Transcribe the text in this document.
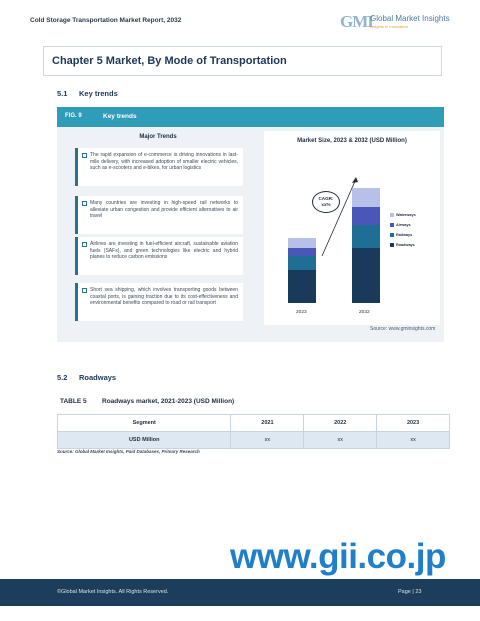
Cold Storage Transportation Market Report, 2032	GMI
Global Market Insights
Insights to Innovation
Chapter 5 Market, By Mode of Transportation
5.1 Key trends
FIG. 9	Key trends
Major Trends
The rapid expansion of e-commerce is driving innovations in last-mile delivery, with increased adoption of smaller electric vehicles, such as e-scooters and e-bikes, for urban logistics
Many countries are investing in high-speed rail networks to alleviate urban congestion and provide efficient alternatives to air travel
Airlines are investing in fuel-efficient aircraft, sustainable aviation fuels (SAFs), and green technologies like electric and hybrid planes to reduce carbon emissions
Short sea shipping, which involves transporting goods between coastal ports, is gaining traction due to its cost-effectiveness and environmental benefits compared to road or rail transport
Market Size, 2023 & 2032 (USD Million)
CAGR:
xx%
2023	2032
Waterways
Airways
Railways
Roadways
Source: www.gminsights.com
5.2 Roadways
TABLE 5 Roadways market, 2021-2023 (USD Million)
Segment	2021	2022	2023
USD Million	xx	xx	xx
Source: Global Market Insights, Paid Databases, Primary Research
www.gii.co.jp
©Global Market Insights. All Rights Reserved.	Page | 23
